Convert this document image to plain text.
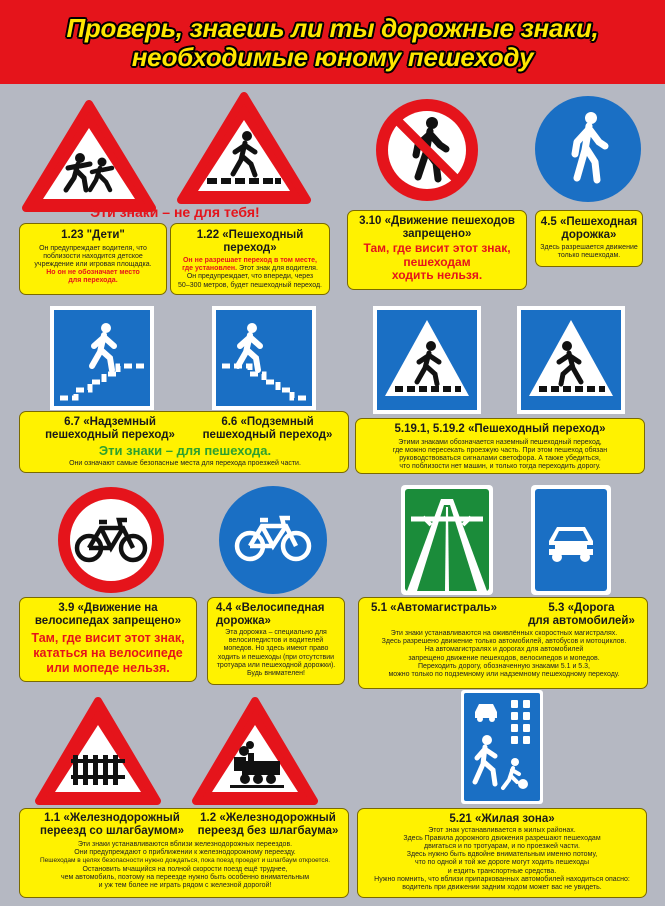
Проверь, знаешь ли ты дорожные знаки,
необходимые юному пешеходу
Эти знаки – не для тебя!
1.23 "Дети"
Он предупреждает водителя, что
поблизости находится детское
учреждение или игровая площадка.
Но он не обозначает место
для перехода.
1.22 «Пешеходный
переход»
Он не разрешает переход в том месте,
где установлен. Этот знак для водителя.
Он предупреждает, что впереди, через
50–300 метров, будет пешеходный переход.
3.10 «Движение пешеходов
запрещено»
Там, где висит этот знак,
пешеходам
ходить нельзя.
4.5 «Пешеходная
дорожка»
Здесь разрешается движение
только пешеходам.
6.7 «Надземный
пешеходный переход»
6.6 «Подземный
пешеходный переход»
Эти знаки – для пешехода.
Они означают самые безопасные места для перехода проезжей части.
5.19.1, 5.19.2 «Пешеходный переход»
Этими знаками обозначается наземный пешеходный переход,
где можно пересекать проезжую часть. При этом пешеход обязан
руководствоваться сигналами светофора. А также убедиться,
что поблизости нет машин, и только тогда переходить дорогу.
3.9 «Движение на
велосипедах запрещено»
Там, где висит этот знак,
кататься на велосипеде
или мопеде нельзя.
4.4 «Велосипедная
дорожка»
Эта дорожка – специально для
велосипедистов и водителей
мопедов. Но здесь имеют право
ходить и пешеходы (при отсутствии
тротуара или пешеходной дорожки).
Будь внимателен!
5.1 «Автомагистраль»	5.3 «Дорога
для автомобилей»
Эти знаки устанавливаются на оживлённых скоростных магистралях.
Здесь разрешено движение только автомобилей, автобусов и мотоциклов.
На автомагистралях и дорогах для автомобилей
запрещено движение пешеходов, велосипедов и мопедов.
Переходить дорогу, обозначенную знаками 5.1 и 5.3,
можно только по подземному или надземному пешеходному переходу.
1.1 «Железнодорожный
переезд со шлагбаумом»
1.2 «Железнодорожный
переезд без шлагбаума»
Эти знаки устанавливаются вблизи железнодорожных переездов.
Они предупреждают о приближении к железнодорожному переезду.
Пешеходам в целях безопасности нужно дождаться, пока поезд проедет и шлагбаум откроется.
Остановить мчащийся на полной скорости поезд ещё труднее,
чем автомобиль, поэтому на переезде нужно быть особенно внимательным
и уж тем более не играть рядом с железной дорогой!
5.21 «Жилая зона»
Этот знак устанавливается в жилых районах.
Здесь Правила дорожного движения разрешают пешеходам
двигаться и по тротуарам, и по проезжей части.
Здесь нужно быть вдвойне внимательным именно потому,
что по одной и той же дороге могут ходить пешеходы
и ездить транспортные средства.
Нужно помнить, что вблизи припаркованных автомобилей находиться опасно:
водитель при движении задним ходом может вас не увидеть.
